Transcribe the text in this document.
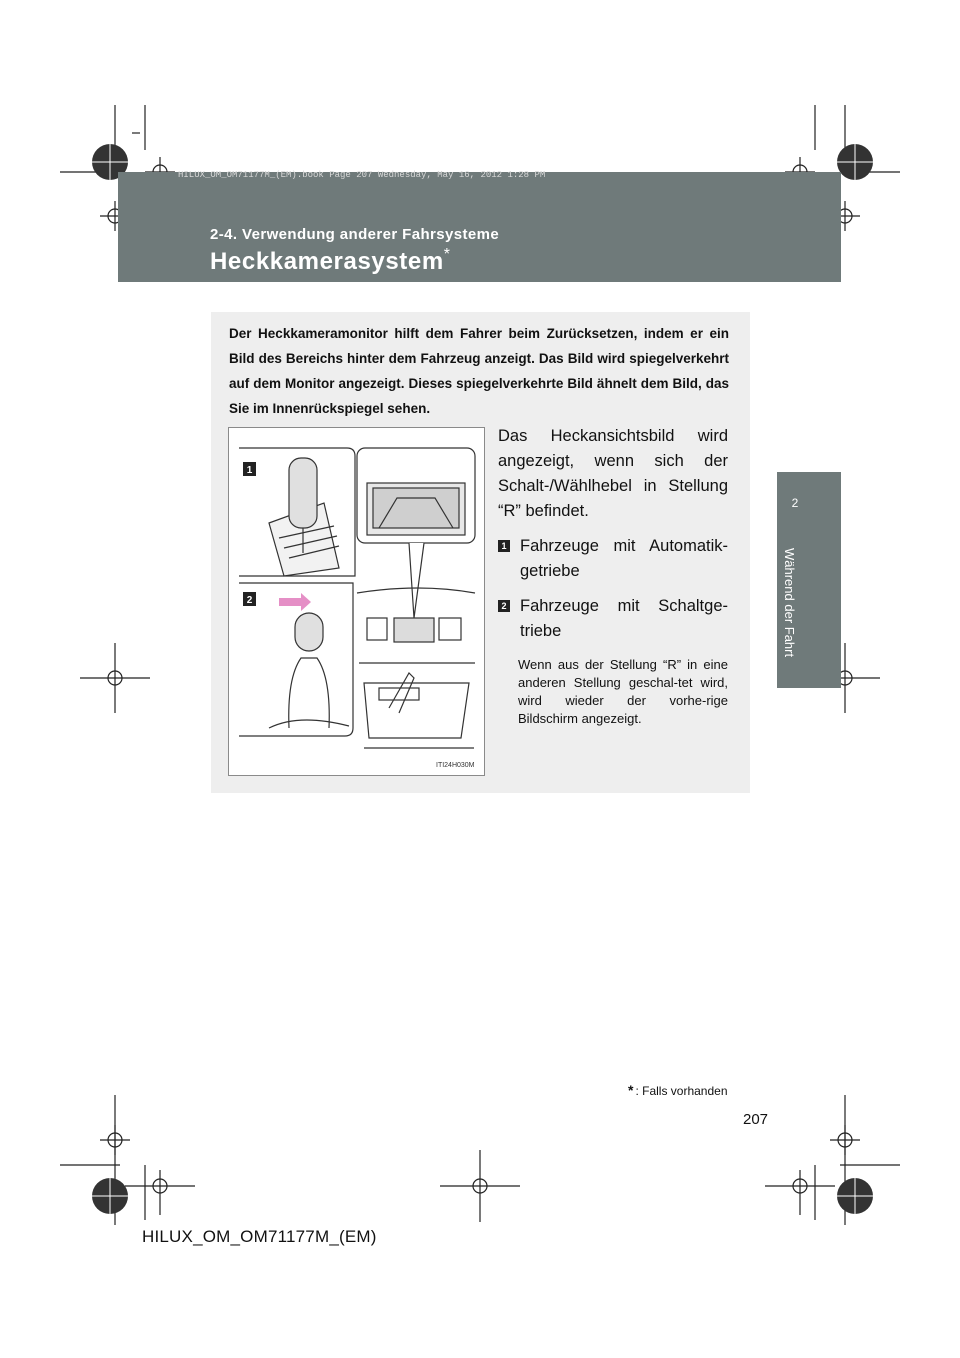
HILUX_OM_OM71177M_(EM).book Page 207 Wednesday, May 16, 2012 1:28 PM
2-4. Verwendung anderer Fahrsysteme
Heckkamerasystem*
2
Während der Fahrt
Der Heckkameramonitor hilft dem Fahrer beim Zurücksetzen, indem er ein Bild des Bereichs hinter dem Fahrzeug anzeigt. Das Bild wird spiegelverkehrt auf dem Monitor angezeigt. Dieses spiegelverkehrte Bild ähnelt dem Bild, das Sie im Innenrückspiegel sehen.
1
2
ITI24H030M

Das Heckansichtsbild wird angezeigt, wenn sich der Schalt-/Wählhebel in Stellung “R” befindet.

1 Fahrzeuge mit Automatik-getriebe
2 Fahrzeuge mit Schaltge-triebe
Wenn aus der Stellung “R” in eine anderen Stellung geschal-tet wird, wird wieder der vorhe-rige Bildschirm angezeigt.
* : Falls vorhanden
207
HILUX_OM_OM71177M_(EM)
